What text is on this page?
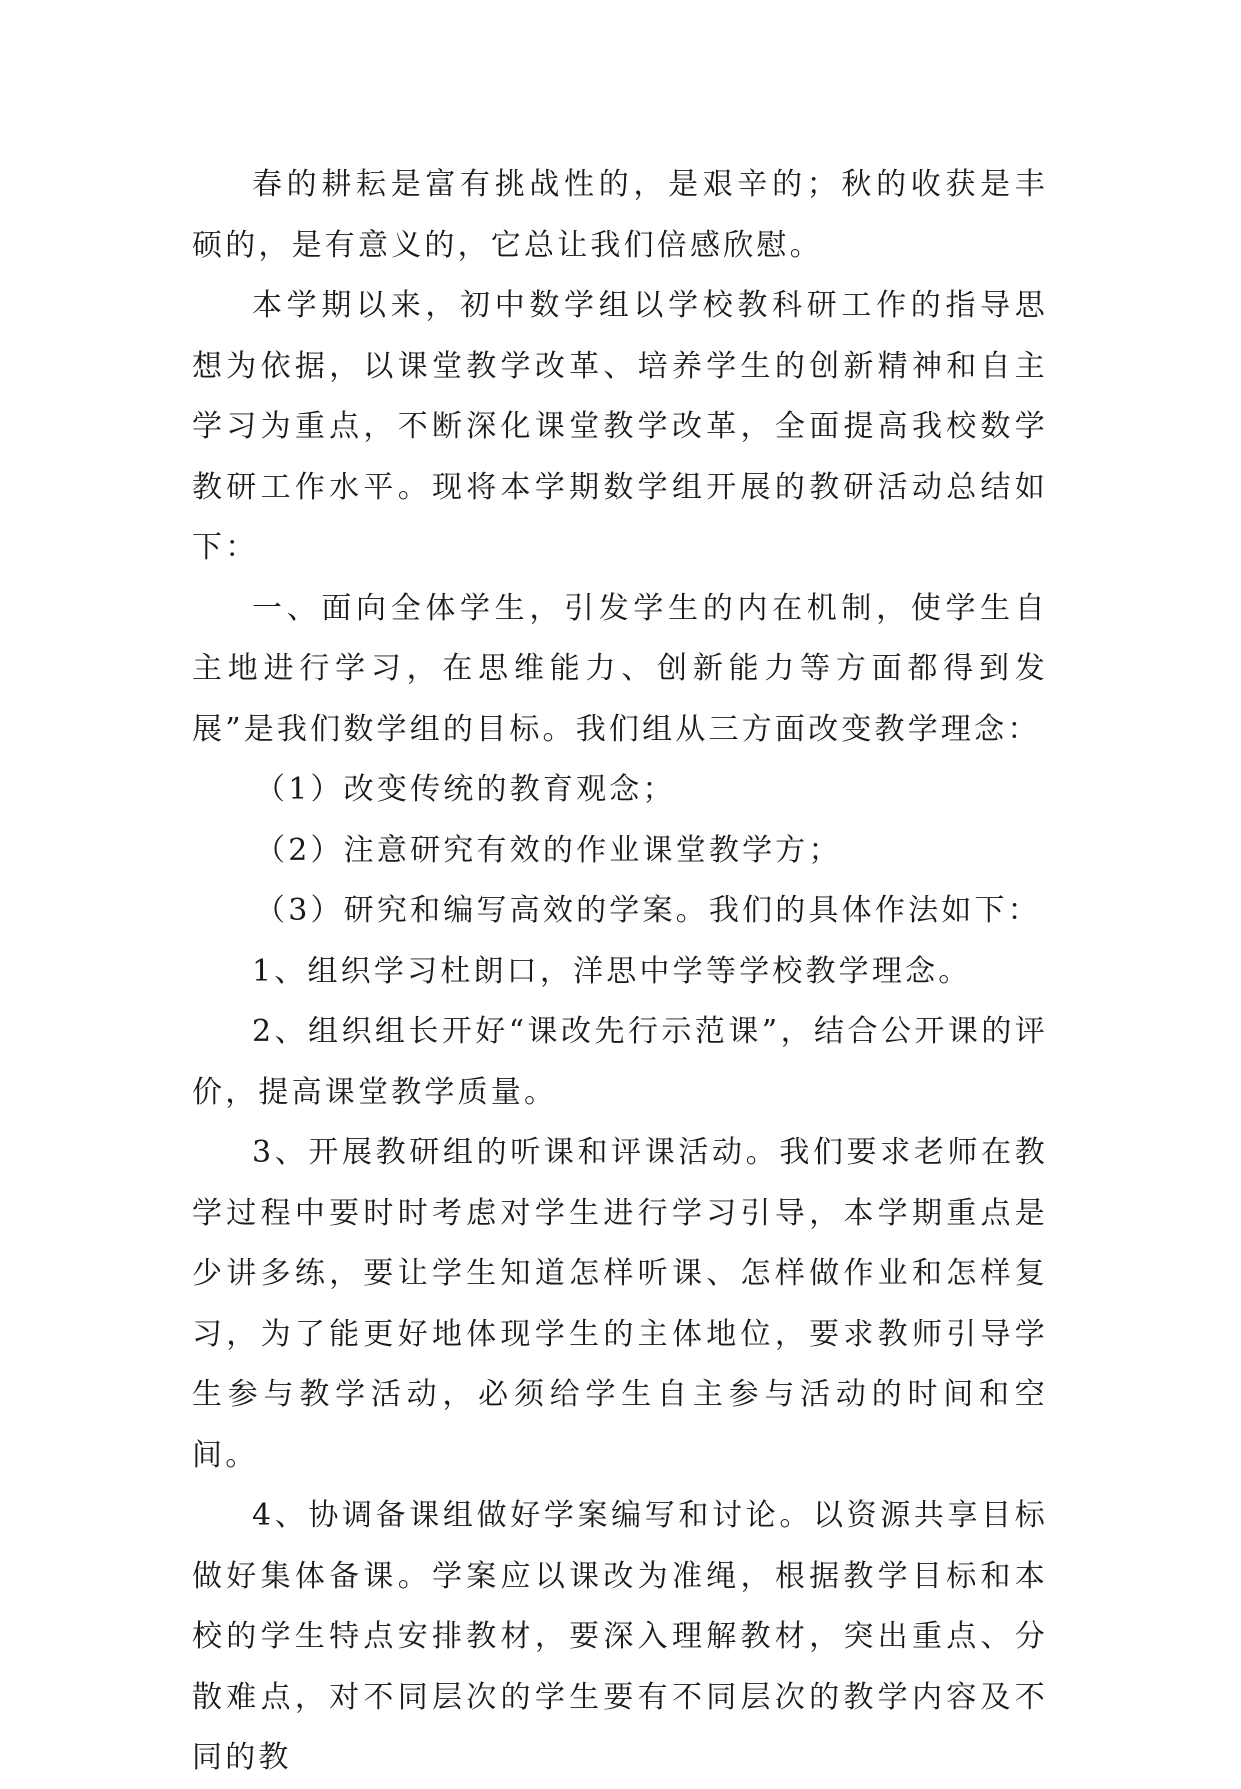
春的耕耘是富有挑战性的，是艰辛的；秋的收获是丰硕的，是有意义的，它总让我们倍感欣慰。

本学期以来，初中数学组以学校教科研工作的指导思想为依据，以课堂教学改革、培养学生的创新精神和自主学习为重点，不断深化课堂教学改革，全面提高我校数学教研工作水平。现将本学期数学组开展的教研活动总结如下：

一、面向全体学生，引发学生的内在机制，使学生自主地进行学习，在思维能力、创新能力等方面都得到发展”是我们数学组的目标。我们组从三方面改变教学理念：

（1）改变传统的教育观念；

（2）注意研究有效的作业课堂教学方；

（3）研究和编写高效的学案。我们的具体作法如下：

1、组织学习杜朗口，洋思中学等学校教学理念。

2、组织组长开好“课改先行示范课”，结合公开课的评价，提高课堂教学质量。

3、开展教研组的听课和评课活动。我们要求老师在教学过程中要时时考虑对学生进行学习引导，本学期重点是少讲多练，要让学生知道怎样听课、怎样做作业和怎样复习，为了能更好地体现学生的主体地位，要求教师引导学生参与教学活动，必须给学生自主参与活动的时间和空间。

4、协调备课组做好学案编写和讨论。以资源共享目标做好集体备课。学案应以课改为准绳，根据教学目标和本校的学生特点安排教材，要深入理解教材，突出重点、分散难点，对不同层次的学生要有不同层次的教学内容及不同的教
